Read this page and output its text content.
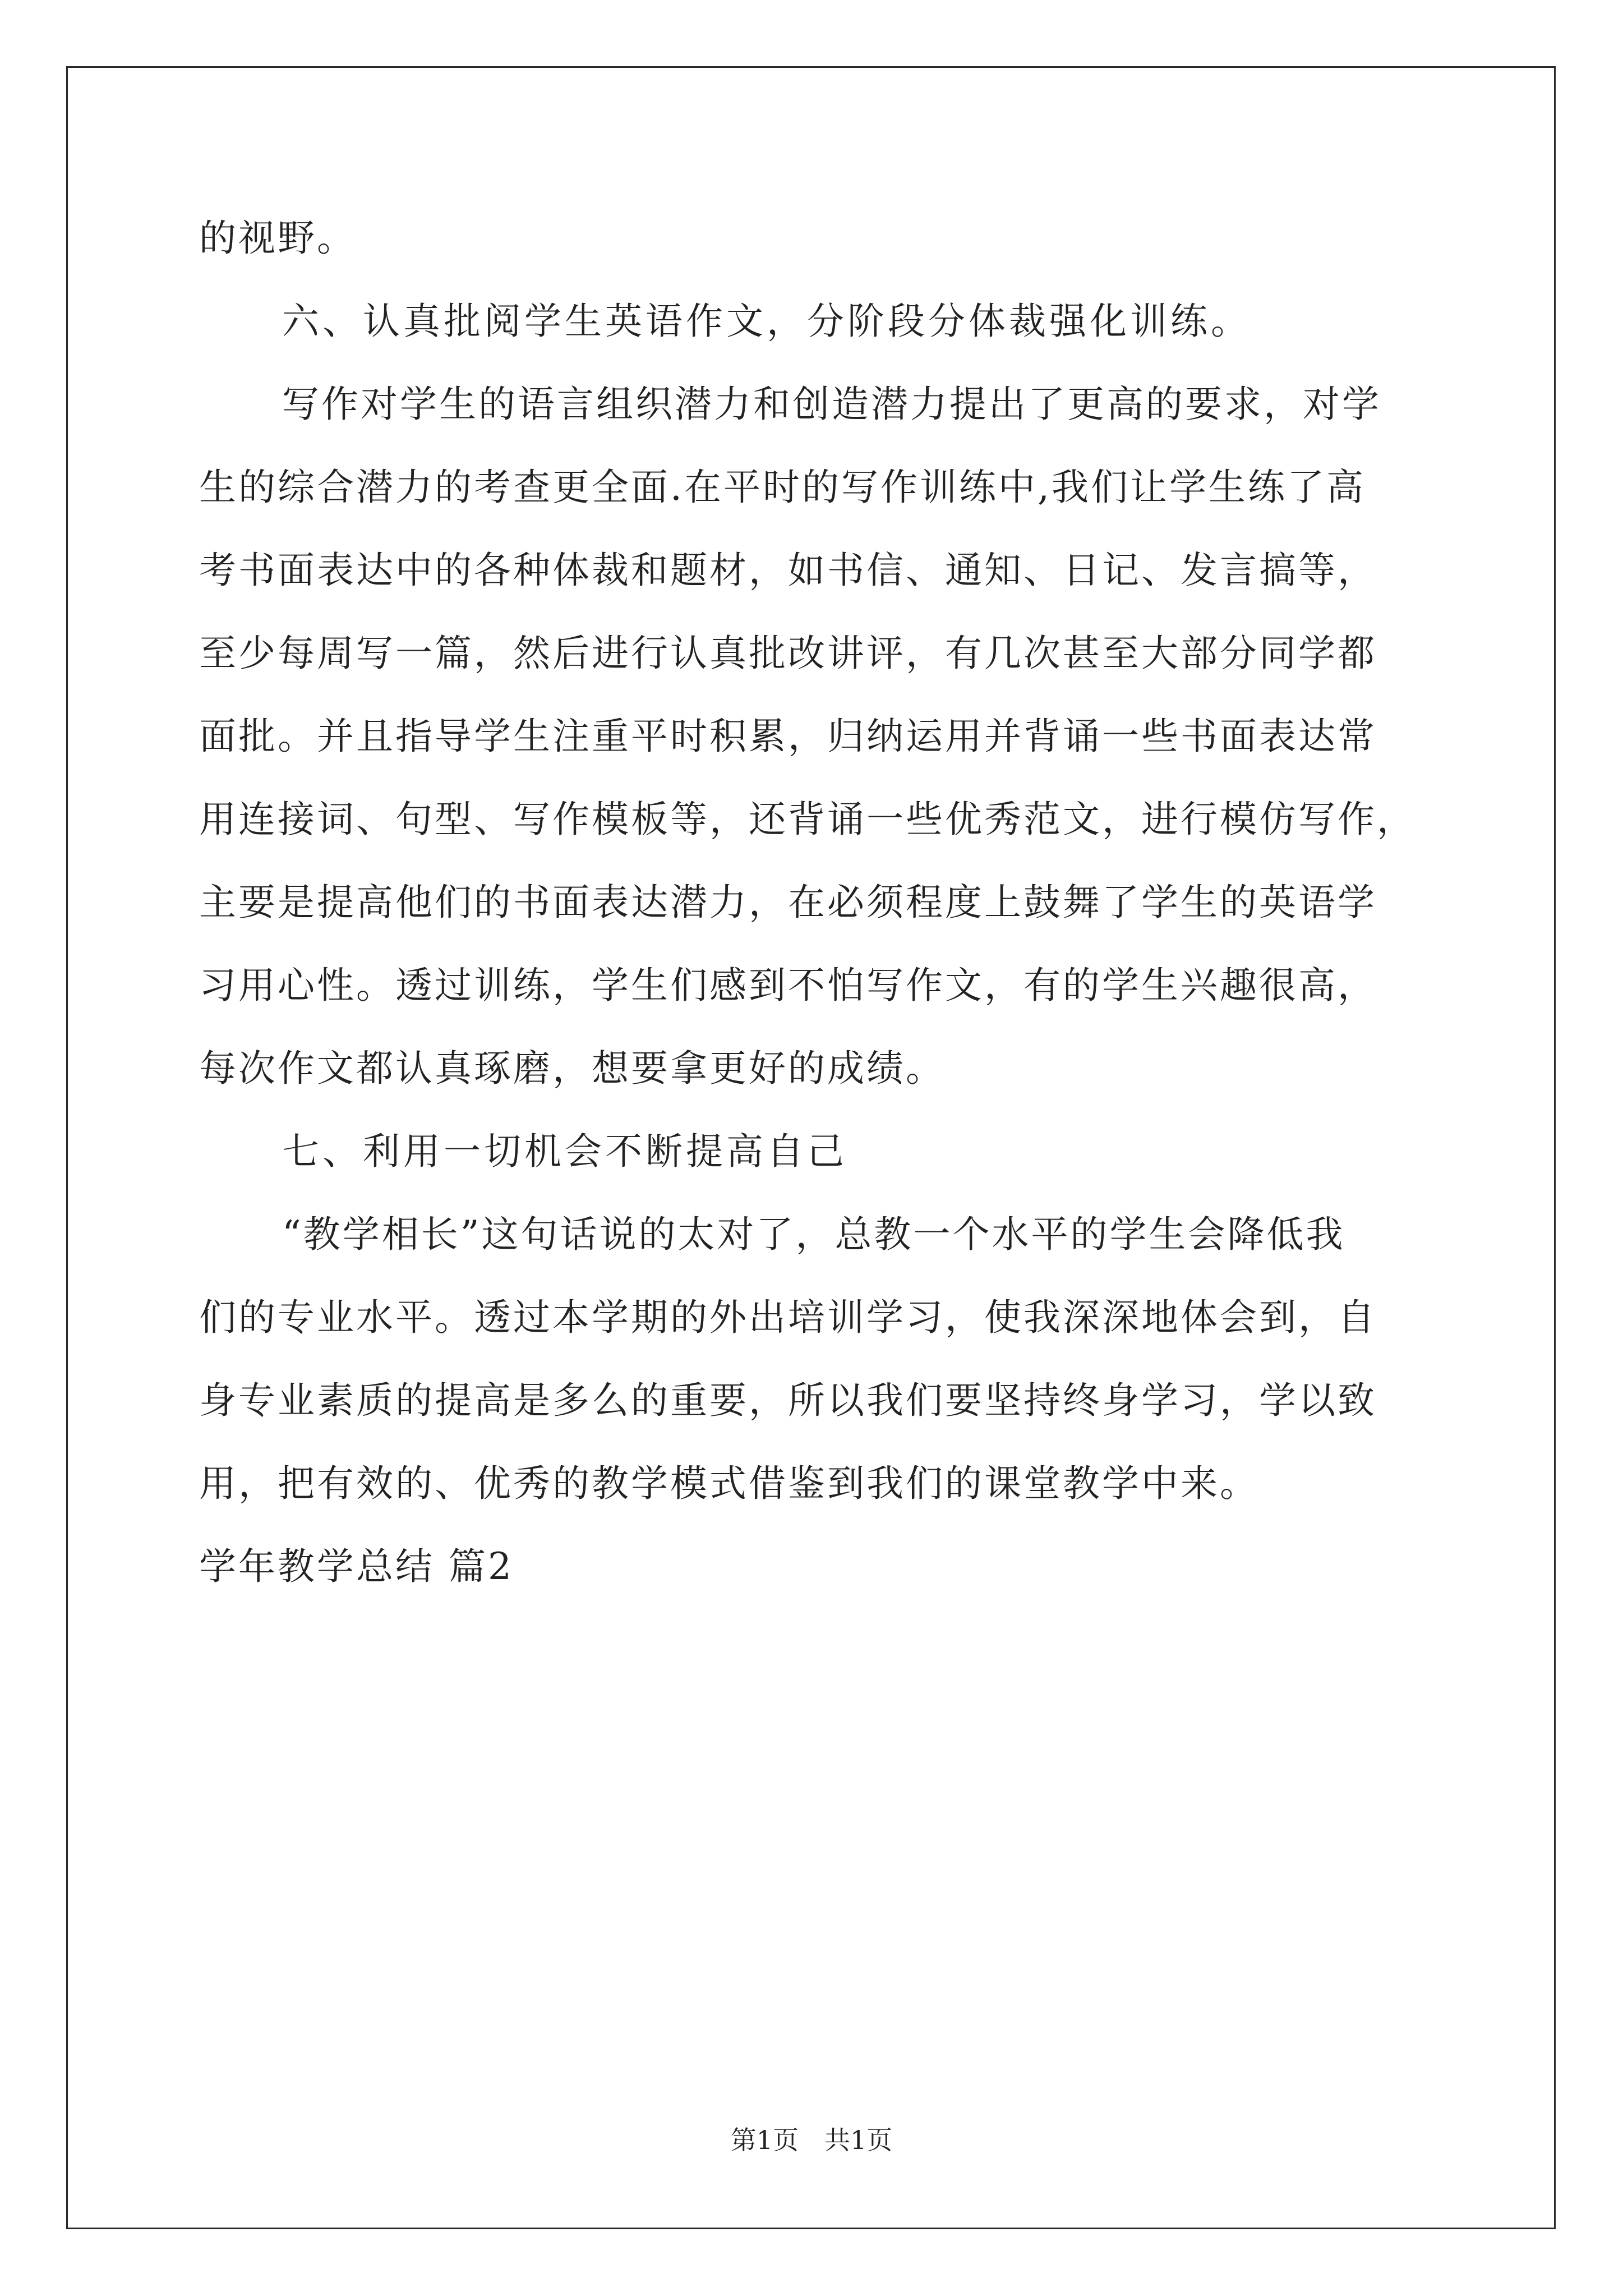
的视野。
六、认真批阅学生英语作文，分阶段分体裁强化训练。
写作对学生的语言组织潜力和创造潜力提出了更高的要求，对学
生的综合潜力的考查更全面.在平时的写作训练中,我们让学生练了高
考书面表达中的各种体裁和题材，如书信、通知、日记、发言搞等，
至少每周写一篇，然后进行认真批改讲评，有几次甚至大部分同学都
面批。并且指导学生注重平时积累，归纳运用并背诵一些书面表达常
用连接词、句型、写作模板等，还背诵一些优秀范文，进行模仿写作，
主要是提高他们的书面表达潜力，在必须程度上鼓舞了学生的英语学
习用心性。透过训练，学生们感到不怕写作文，有的学生兴趣很高，
每次作文都认真琢磨，想要拿更好的成绩。
七、利用一切机会不断提高自己
“教学相长”这句话说的太对了，总教一个水平的学生会降低我
们的专业水平。透过本学期的外出培训学习，使我深深地体会到，自
身专业素质的提高是多么的重要，所以我们要坚持终身学习，学以致
用，把有效的、优秀的教学模式借鉴到我们的课堂教学中来。
学年教学总结 篇2
第1页　共1页
